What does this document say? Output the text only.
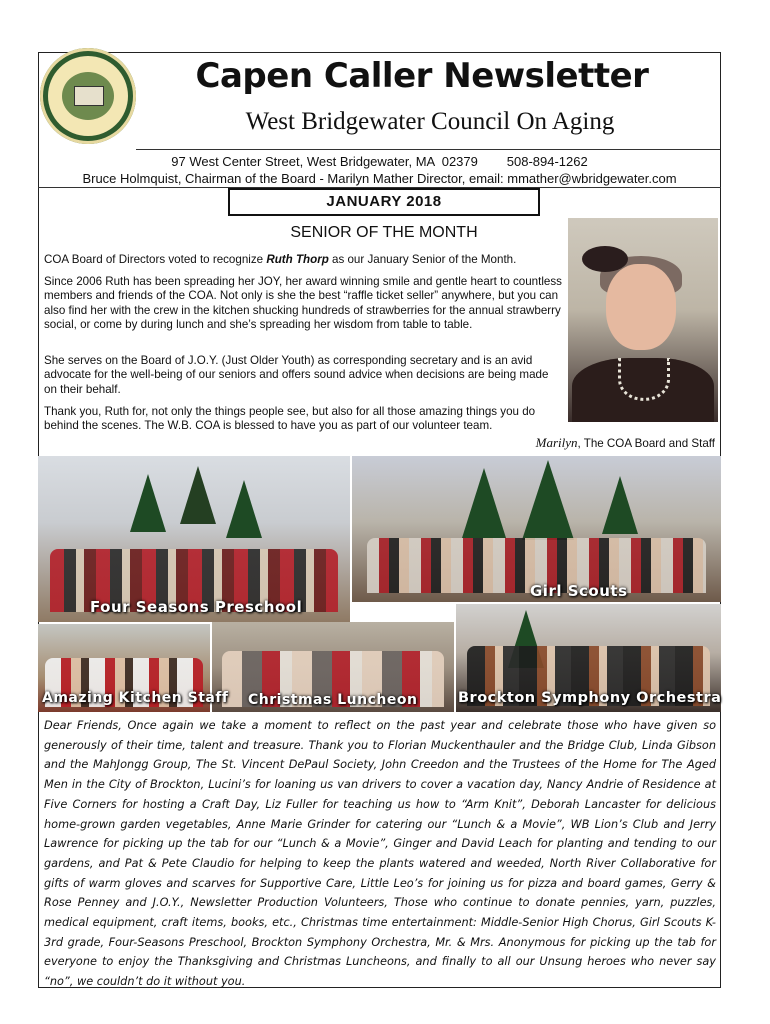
Capen Caller Newsletter
West Bridgewater Council On Aging
97 West Center Street, West Bridgewater, MA  02379        508-894-1262
Bruce Holmquist, Chairman of the Board - Marilyn Mather Director, email: mmather@wbridgewater.com
JANUARY 2018
SENIOR OF THE MONTH

COA Board of Directors voted to recognize Ruth Thorp as our January Senior of the Month.

Since 2006 Ruth has been spreading her JOY, her award winning smile and gentle heart to countless members and friends of the COA. Not only is she the best “raffle ticket seller” anywhere, but you can also find her with the crew in the kitchen shucking hundreds of strawberries for the annual strawberry social, or come by during lunch and she’s spreading her wisdom from table to table.

She serves on the Board of J.O.Y. (Just Older Youth) as corresponding secretary and is an avid advocate for the well-being of our seniors and offers sound advice when decisions are being made on their behalf.

Thank you, Ruth for, not only the things people see, but also for all those amazing things you do behind the scenes. The W.B. COA is blessed to have you as part of our volunteer team.

Marilyn, The COA Board and Staff
Four Seasons Preschool
Girl Scouts
Amazing Kitchen Staff Christmas Luncheon	Brockton Symphony Orchestra

Dear Friends, Once again we take a moment to reflect on the past year and celebrate those who have given so generously of their time, talent and treasure. Thank you to Florian Muckenthauler and the Bridge Club, Linda Gibson and the MahJongg Group, The St. Vincent DePaul Society, John Creedon and the Trustees of the Home for The Aged Men in the City of Brockton, Lucini’s for loaning us van drivers to cover a vacation day, Nancy Andrie of Residence at Five Corners for hosting a Craft Day, Liz Fuller for teaching us how to “Arm Knit”, Deborah Lancaster for delicious home-grown garden vegetables, Anne Marie Grinder for catering our “Lunch & a Movie”, WB Lion’s Club and Jerry Lawrence for picking up the tab for our “Lunch & a Movie”, Ginger and David Leach for planting and tending to our gardens, and Pat & Pete Claudio for helping to keep the plants watered and weeded, North River Collaborative for gifts of warm gloves and scarves for Supportive Care, Little Leo’s for joining us for pizza and board games, Gerry & Rose Penney and J.O.Y., Newsletter Production Volunteers, Those who continue to donate pennies, yarn, puzzles, medical equipment, craft items, books, etc., Christmas time entertainment: Middle-Senior High Chorus, Girl Scouts K-3rd grade, Four-Seasons Preschool, Brockton Symphony Orchestra, Mr. & Mrs. Anonymous for picking up the tab for everyone to enjoy the Thanksgiving and Christmas Luncheons, and finally to all our Unsung heroes who never say “no”, we couldn’t do it without you.
